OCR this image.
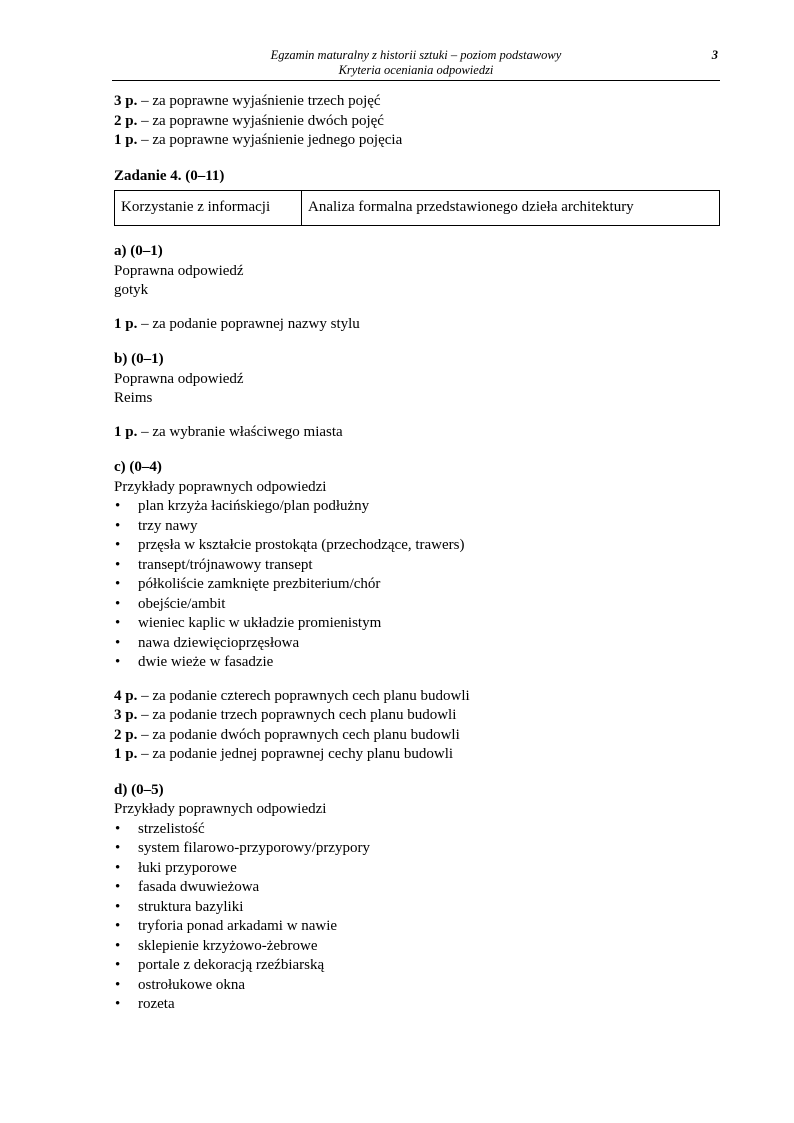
Egzamin maturalny z historii sztuki – poziom podstawowy
Kryteria oceniania odpowiedzi
3
3 p. – za poprawne wyjaśnienie trzech pojęć
2 p. – za poprawne wyjaśnienie dwóch pojęć
1 p. – za poprawne wyjaśnienie jednego pojęcia
Zadanie 4. (0–11)
Korzystanie z informacji	Analiza formalna przedstawionego dzieła architektury
a) (0–1)
Poprawna odpowiedź
gotyk
1 p. – za podanie poprawnej nazwy stylu
b) (0–1)
Poprawna odpowiedź
Reims
1 p. – za wybranie właściwego miasta
c) (0–4)
Przykłady poprawnych odpowiedzi
• plan krzyża łacińskiego/plan podłużny
• trzy nawy
• przęsła w kształcie prostokąta (przechodzące, trawers)
• transept/trójnawowy transept
• półkoliście zamknięte prezbiterium/chór
• obejście/ambit
• wieniec kaplic w układzie promienistym
• nawa dziewięcioprzęsłowa
• dwie wieże w fasadzie
4 p. – za podanie czterech poprawnych cech planu budowli
3 p. – za podanie trzech poprawnych cech planu budowli
2 p. – za podanie dwóch poprawnych cech planu budowli
1 p. – za podanie jednej poprawnej cechy planu budowli
d) (0–5)
Przykłady poprawnych odpowiedzi
• strzelistość
• system filarowo-przyporowy/przypory
• łuki przyporowe
• fasada dwuwieżowa
• struktura bazyliki
• tryforia ponad arkadami w nawie
• sklepienie krzyżowo-żebrowe
• portale z dekoracją rzeźbiarską
• ostrołukowe okna
• rozeta
